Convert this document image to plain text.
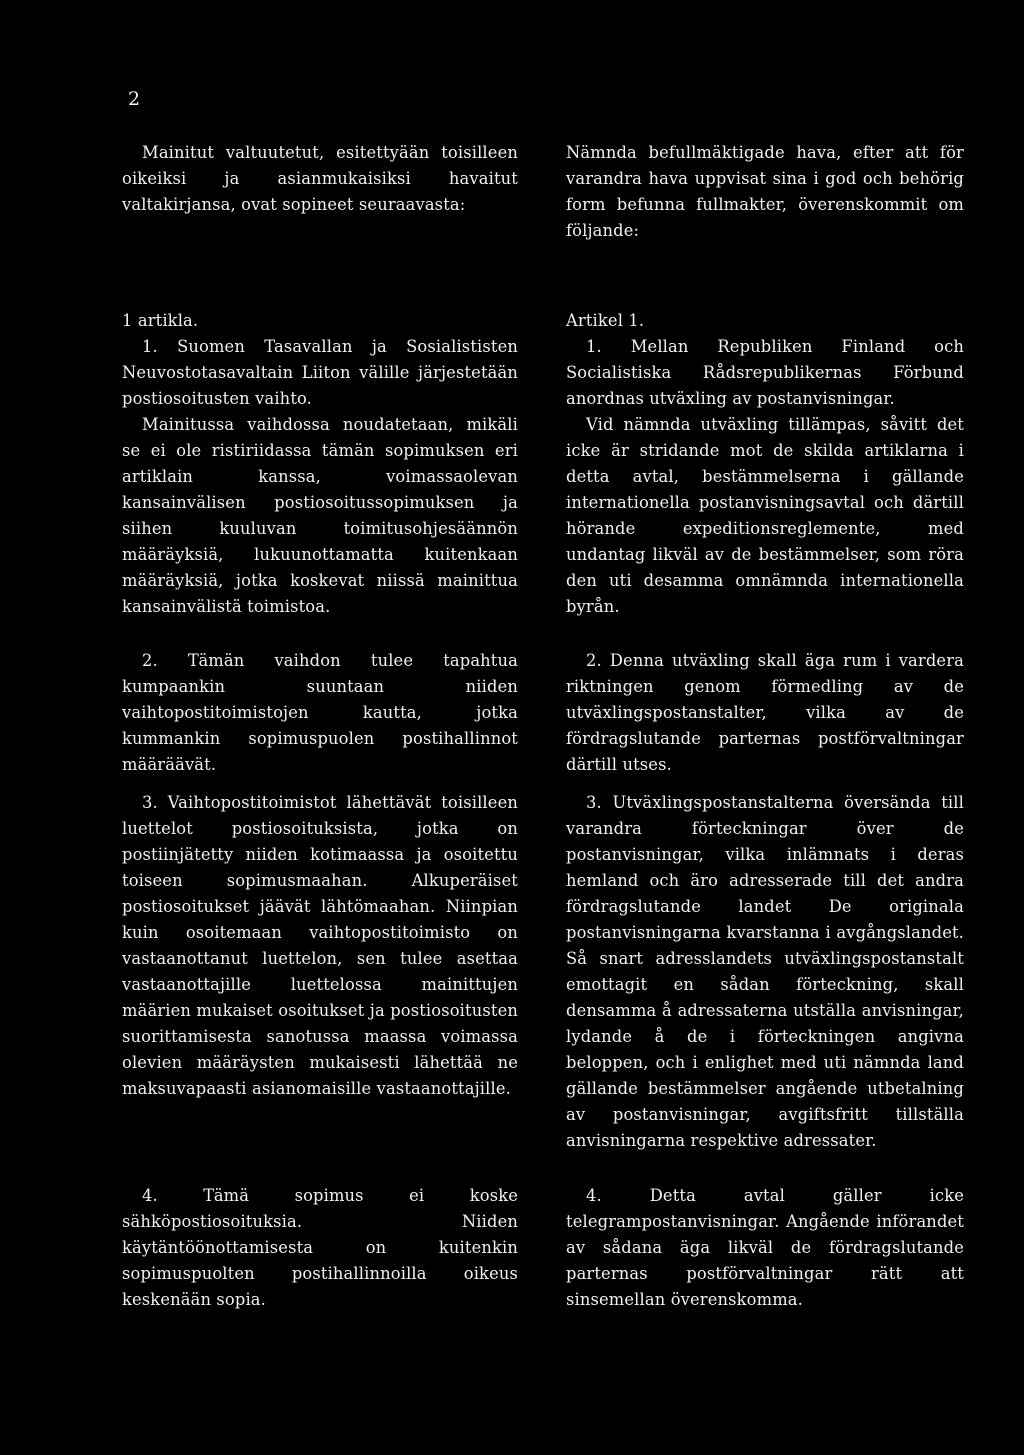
2

Mainitut valtuutetut, esitettyään toisilleen oikeiksi ja asianmukaisiksi havaitut valtakirjansa, ovat sopineet seuraavasta:

1 artikla.

1. Suomen Tasavallan ja Sosialististen Neuvostotasavaltain Liiton välille järjestetään postiosoitusten vaihto.

Mainitussa vaihdossa noudatetaan, mikäli se ei ole ristiriidassa tämän sopimuksen eri artiklain kanssa, voimassaolevan kansainvälisen postiosoitussopimuksen ja siihen kuuluvan toimitusohjesäännön määräyksiä, lukuunottamatta kuitenkaan määräyksiä, jotka koskevat niissä mainittua kansainvälistä toimistoa.

2. Tämän vaihdon tulee tapahtua kumpaankin suuntaan niiden vaihtopostitoimistojen kautta, jotka kummankin sopimuspuolen postihallinnot määräävät.

3. Vaihtopostitoimistot lähettävät toisilleen luettelot postiosoituksista, jotka on postiinjätetty niiden kotimaassa ja osoitettu toiseen sopimusmaahan. Alkuperäiset postiosoitukset jäävät lähtömaahan. Niinpian kuin osoitemaan vaihtopostitoimisto on vastaanottanut luettelon, sen tulee asettaa vastaanottajille luettelossa mainittujen määrien mukaiset osoitukset ja postiosoitusten suorittamisesta sanotussa maassa voimassa olevien määräysten mukaisesti lähettää ne maksuvapaasti asianomaisille vastaanottajille.

4. Tämä sopimus ei koske sähköpostiosoituksia. Niiden käytäntöönottamisesta on kuitenkin sopimuspuolten postihallinnoilla oikeus keskenään sopia.

Nämnda befullmäktigade hava, efter att för varandra hava uppvisat sina i god och behörig form befunna fullmakter, överenskommit om följande:

Artikel 1.

1. Mellan Republiken Finland och Socialistiska Rådsrepublikernas Förbund anordnas utväxling av postanvisningar.

Vid nämnda utväxling tillämpas, såvitt det icke är stridande mot de skilda artiklarna i detta avtal, bestämmelserna i gällande internationella postanvisningsavtal och därtill hörande expeditionsreglemente, med undantag likväl av de bestämmelser, som röra den uti desamma omnämnda internationella byrån.

2. Denna utväxling skall äga rum i vardera riktningen genom förmedling av de utväxlingspostanstalter, vilka av de fördragslutande parternas postförvaltningar därtill utses.

3. Utväxlingspostanstalterna översända till varandra förteckningar över de postanvisningar, vilka inlämnats i deras hemland och äro adresserade till det andra fördragslutande landet De originala postanvisningarna kvarstanna i avgångslandet. Så snart adresslandets utväxlingspostanstalt emottagit en sådan förteckning, skall densamma å adressaterna utställa anvisningar, lydande å de i förteckningen angivna beloppen, och i enlighet med uti nämnda land gällande bestämmelser angående utbetalning av postanvisningar, avgiftsfritt tillställa anvisningarna respektive adressater.

4. Detta avtal gäller icke telegrampostanvisningar. Angående införandet av sådana äga likväl de fördragslutande parternas postförvaltningar rätt att sinsemellan överenskomma.
